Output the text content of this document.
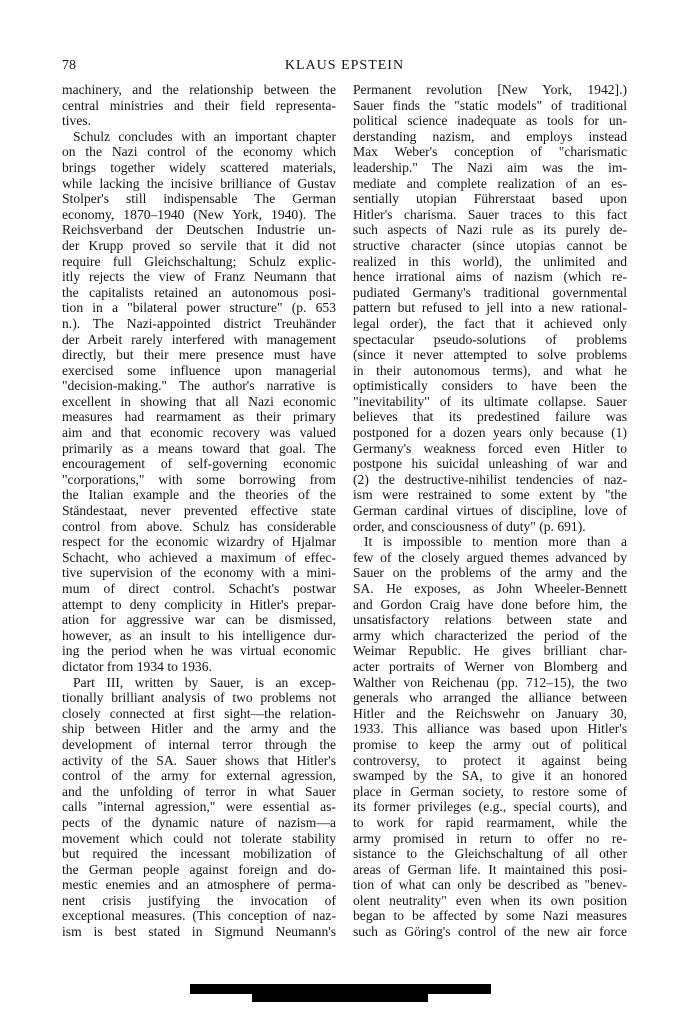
78	KLAUS EPSTEIN
machinery, and the relationship between the
central ministries and their field representa-
tives.
Schulz concludes with an important chapter
on the Nazi control of the economy which
brings together widely scattered materials,
while lacking the incisive brilliance of Gustav
Stolper's still indispensable The German
economy, 1870–1940 (New York, 1940). The
Reichsverband der Deutschen Industrie un-
der Krupp proved so servile that it did not
require full Gleichschaltung; Schulz explic-
itly rejects the view of Franz Neumann that
the capitalists retained an autonomous posi-
tion in a "bilateral power structure" (p. 653
n.). The Nazi-appointed district Treuhänder
der Arbeit rarely interfered with management
directly, but their mere presence must have
exercised some influence upon managerial
"decision-making." The author's narrative is
excellent in showing that all Nazi economic
measures had rearmament as their primary
aim and that economic recovery was valued
primarily as a means toward that goal. The
encouragement of self-governing economic
"corporations," with some borrowing from
the Italian example and the theories of the
Ständestaat, never prevented effective state
control from above. Schulz has considerable
respect for the economic wizardry of Hjalmar
Schacht, who achieved a maximum of effec-
tive supervision of the economy with a mini-
mum of direct control. Schacht's postwar
attempt to deny complicity in Hitler's prepar-
ation for aggressive war can be dismissed,
however, as an insult to his intelligence dur-
ing the period when he was virtual economic
dictator from 1934 to 1936.
Part III, written by Sauer, is an excep-
tionally brilliant analysis of two problems not
closely connected at first sight—the relation-
ship between Hitler and the army and the
development of internal terror through the
activity of the SA. Sauer shows that Hitler's
control of the army for external agression,
and the unfolding of terror in what Sauer
calls "internal agression," were essential as-
pects of the dynamic nature of nazism—a
movement which could not tolerate stability
but required the incessant mobilization of
the German people against foreign and do-
mestic enemies and an atmosphere of perma-
nent crisis justifying the invocation of
exceptional measures. (This conception of naz-
ism is best stated in Sigmund Neumann's
Permanent revolution [New York, 1942].)
Sauer finds the "static models" of traditional
political science inadequate as tools for un-
derstanding nazism, and employs instead
Max Weber's conception of "charismatic
leadership." The Nazi aim was the im-
mediate and complete realization of an es-
sentially utopian Führerstaat based upon
Hitler's charisma. Sauer traces to this fact
such aspects of Nazi rule as its purely de-
structive character (since utopias cannot be
realized in this world), the unlimited and
hence irrational aims of nazism (which re-
pudiated Germany's traditional governmental
pattern but refused to jell into a new rational-
legal order), the fact that it achieved only
spectacular pseudo-solutions of problems
(since it never attempted to solve problems
in their autonomous terms), and what he
optimistically considers to have been the
"inevitability" of its ultimate collapse. Sauer
believes that its predestined failure was
postponed for a dozen years only because (1)
Germany's weakness forced even Hitler to
postpone his suicidal unleashing of war and
(2) the destructive-nihilist tendencies of naz-
ism were restrained to some extent by "the
German cardinal virtues of discipline, love of
order, and consciousness of duty" (p. 691).
It is impossible to mention more than a
few of the closely argued themes advanced by
Sauer on the problems of the army and the
SA. He exposes, as John Wheeler-Bennett
and Gordon Craig have done before him, the
unsatisfactory relations between state and
army which characterized the period of the
Weimar Republic. He gives brilliant char-
acter portraits of Werner von Blomberg and
Walther von Reichenau (pp. 712–15), the two
generals who arranged the alliance between
Hitler and the Reichswehr on January 30,
1933. This alliance was based upon Hitler's
promise to keep the army out of political
controversy, to protect it against being
swamped by the SA, to give it an honored
place in German society, to restore some of
its former privileges (e.g., special courts), and
to work for rapid rearmament, while the
army promised in return to offer no re-
sistance to the Gleichschaltung of all other
areas of German life. It maintained this posi-
tion of what can only be described as "benev-
olent neutrality" even when its own position
began to be affected by some Nazi measures
such as Göring's control of the new air force
